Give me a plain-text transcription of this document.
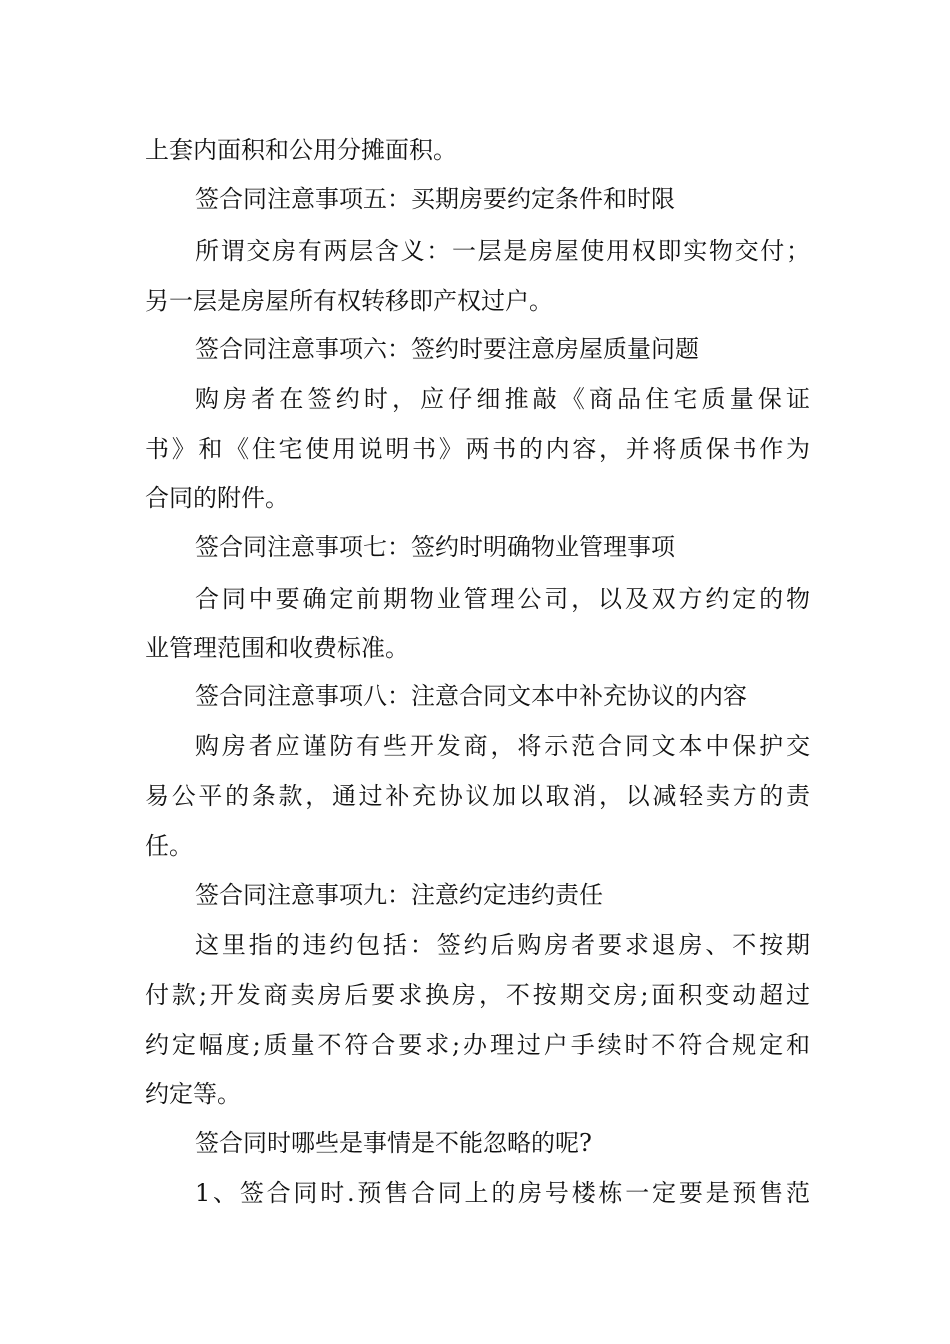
上套内面积和公用分摊面积。
签合同注意事项五：买期房要约定条件和时限
所谓交房有两层含义：一层是房屋使用权即实物交付；
另一层是房屋所有权转移即产权过户。
签合同注意事项六：签约时要注意房屋质量问题
购房者在签约时，应仔细推敲《商品住宅质量保证
书》和《住宅使用说明书》两书的内容，并将质保书作为
合同的附件。
签合同注意事项七：签约时明确物业管理事项
合同中要确定前期物业管理公司，以及双方约定的物
业管理范围和收费标准。
签合同注意事项八：注意合同文本中补充协议的内容
购房者应谨防有些开发商，将示范合同文本中保护交
易公平的条款，通过补充协议加以取消，以减轻卖方的责
任。
签合同注意事项九：注意约定违约责任
这里指的违约包括：签约后购房者要求退房、不按期
付款;开发商卖房后要求换房，不按期交房;面积变动超过
约定幅度;质量不符合要求;办理过户手续时不符合规定和
约定等。
签合同时哪些是事情是不能忽略的呢?
1、签合同时.预售合同上的房号楼栋一定要是预售范
